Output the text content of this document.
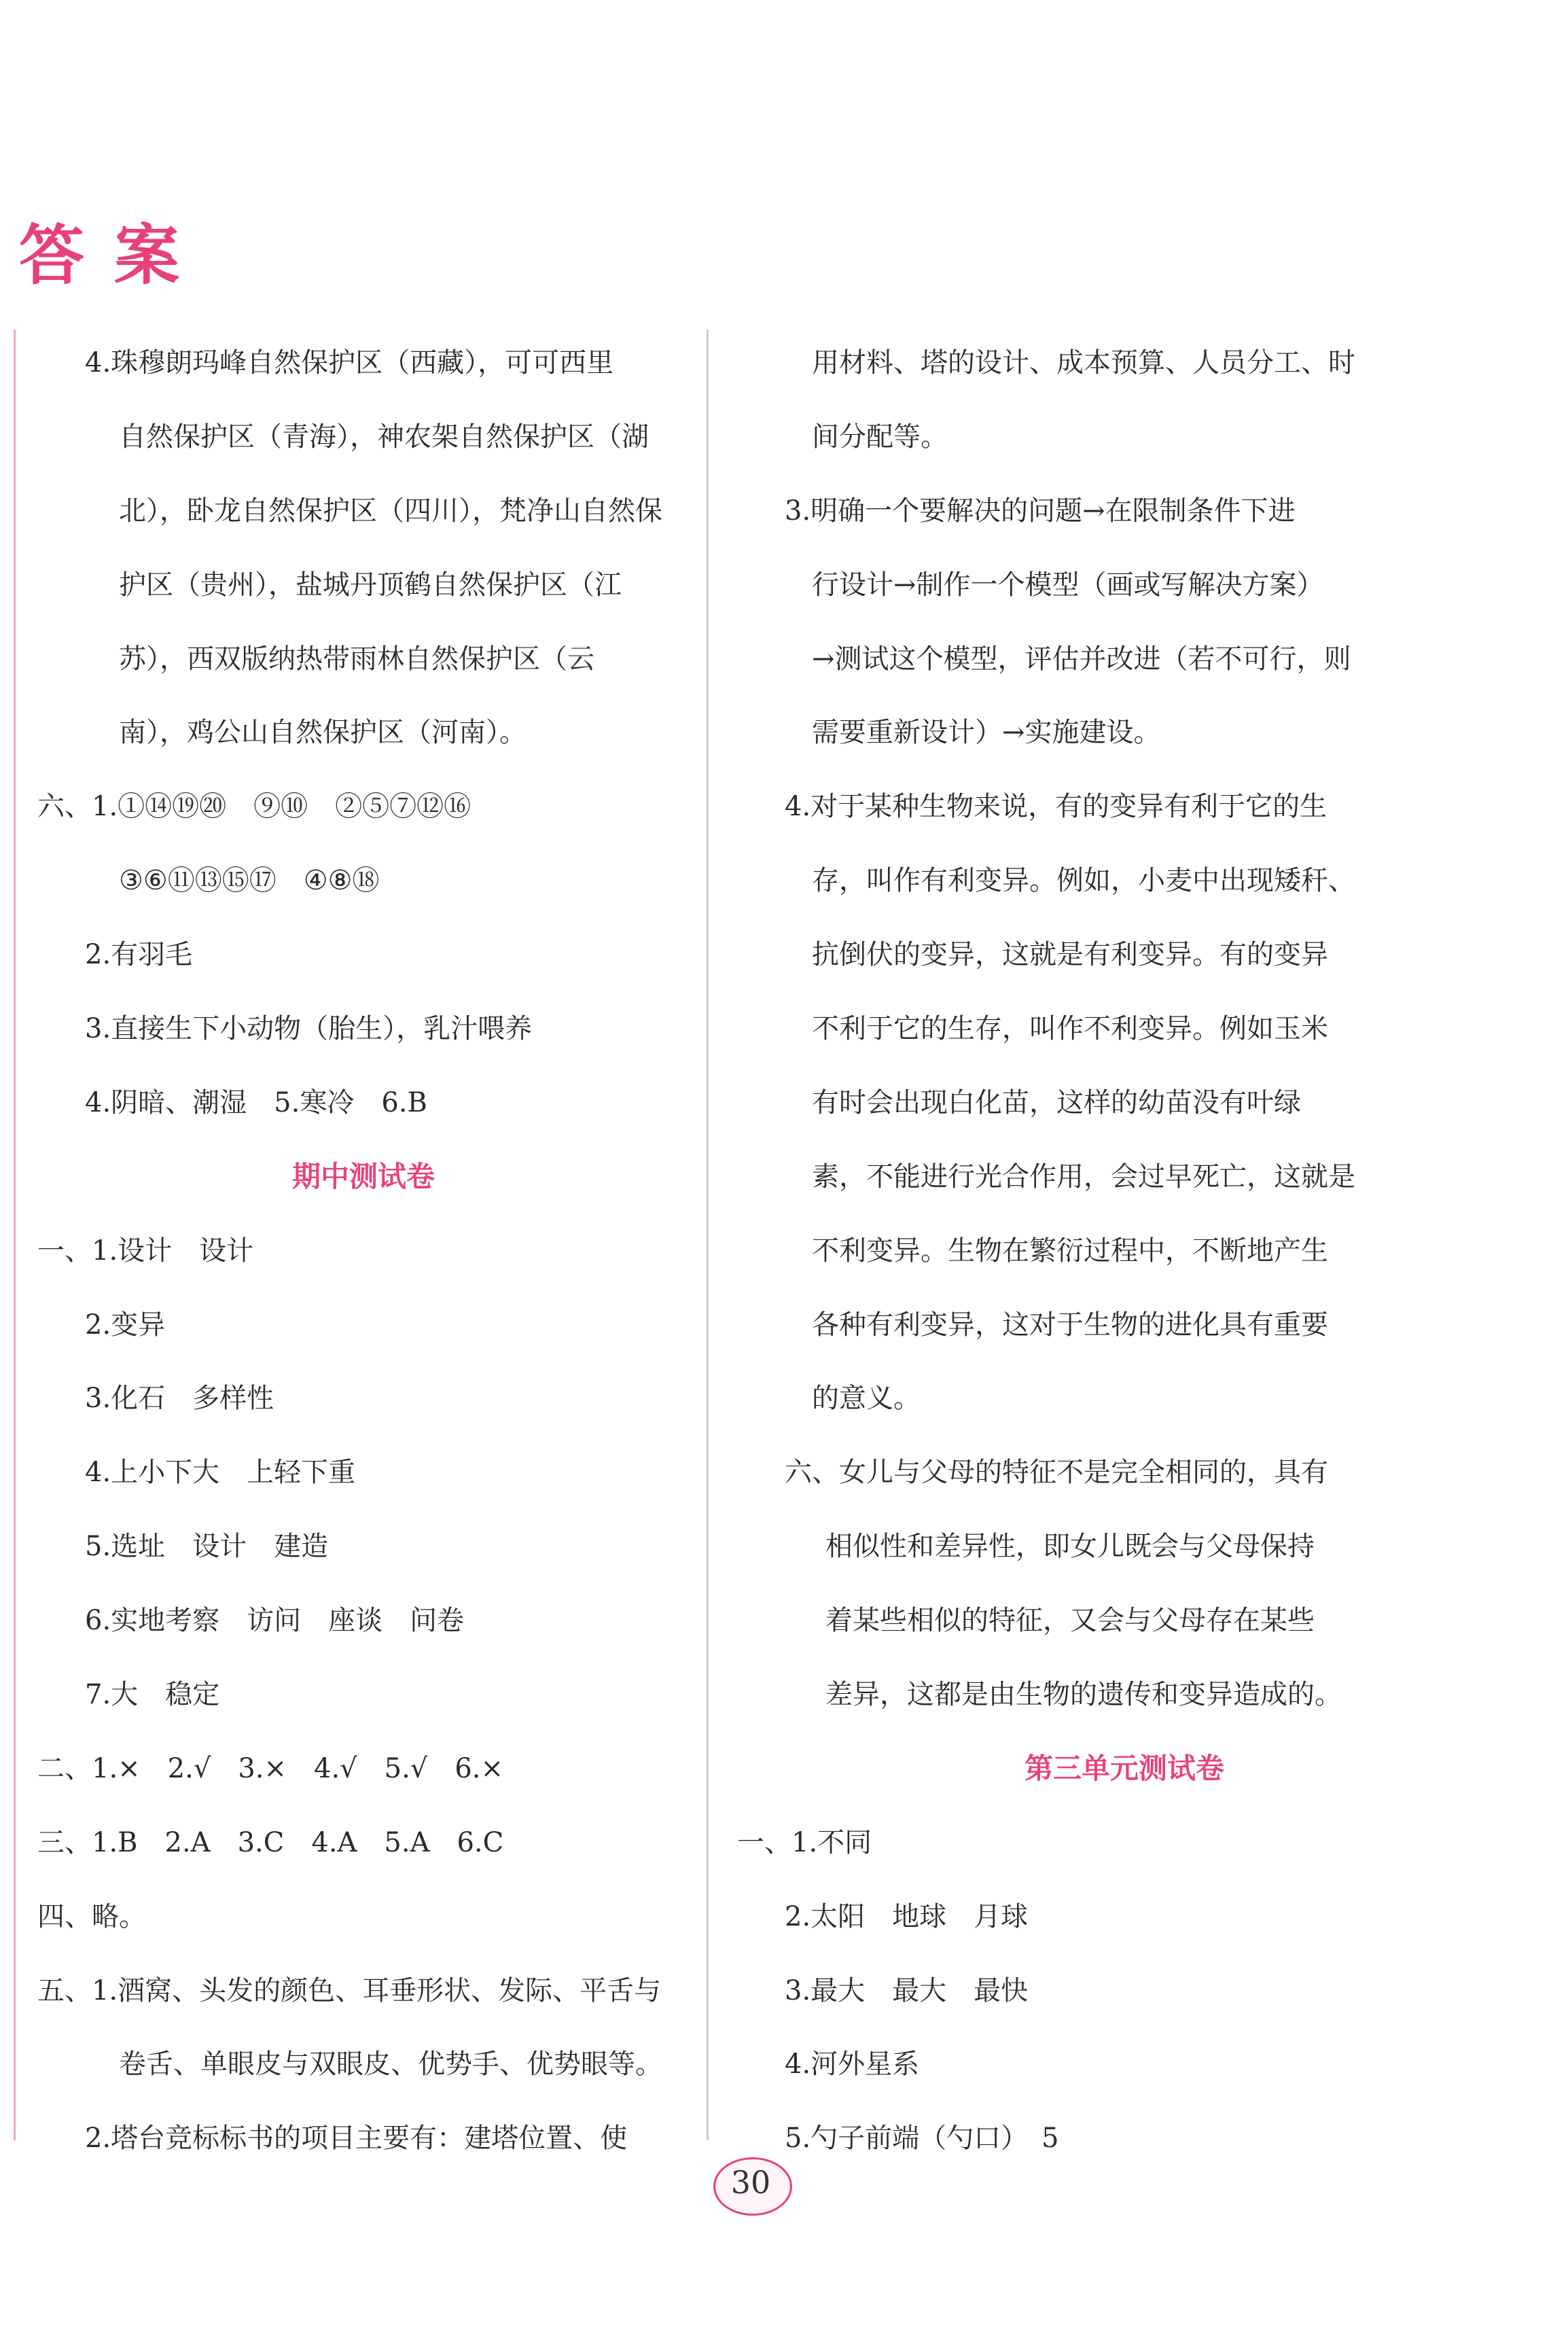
答案
4.珠穆朗玛峰自然保护区（西藏），可可西里
自然保护区（青海），神农架自然保护区（湖
北），卧龙自然保护区（四川），梵净山自然保
护区（贵州），盐城丹顶鹤自然保护区（江
苏），西双版纳热带雨林自然保护区（云
南），鸡公山自然保护区（河南）。
六、1.①⑭⑲⑳　⑨⑩　②⑤⑦⑫⑯
③⑥⑪⑬⑮⑰　④⑧⑱
2.有羽毛
3.直接生下小动物（胎生），乳汁喂养
4.阴暗、潮湿　5.寒冷　6.B
期中测试卷
一、1.设计　设计
2.变异
3.化石　多样性
4.上小下大　上轻下重
5.选址　设计　建造
6.实地考察　访问　座谈　问卷
7.大　稳定
二、1.×　2.√　3.×　4.√　5.√　6.×
三、1.B　2.A　3.C　4.A　5.A　6.C
四、略。
五、1.酒窝、头发的颜色、耳垂形状、发际、平舌与
卷舌、单眼皮与双眼皮、优势手、优势眼等。
2.塔台竞标标书的项目主要有：建塔位置、使
用材料、塔的设计、成本预算、人员分工、时
间分配等。
3.明确一个要解决的问题→在限制条件下进
行设计→制作一个模型（画或写解决方案）
→测试这个模型，评估并改进（若不可行，则
需要重新设计）→实施建设。
4.对于某种生物来说，有的变异有利于它的生
存，叫作有利变异。例如，小麦中出现矮秆、
抗倒伏的变异，这就是有利变异。有的变异
不利于它的生存，叫作不利变异。例如玉米
有时会出现白化苗，这样的幼苗没有叶绿
素，不能进行光合作用，会过早死亡，这就是
不利变异。生物在繁衍过程中，不断地产生
各种有利变异，这对于生物的进化具有重要
的意义。
六、女儿与父母的特征不是完全相同的，具有
相似性和差异性，即女儿既会与父母保持
着某些相似的特征，又会与父母存在某些
差异，这都是由生物的遗传和变异造成的。
第三单元测试卷
一、1.不同
2.太阳　地球　月球
3.最大　最大　最快
4.河外星系
5.勺子前端（勺口）　5
30
